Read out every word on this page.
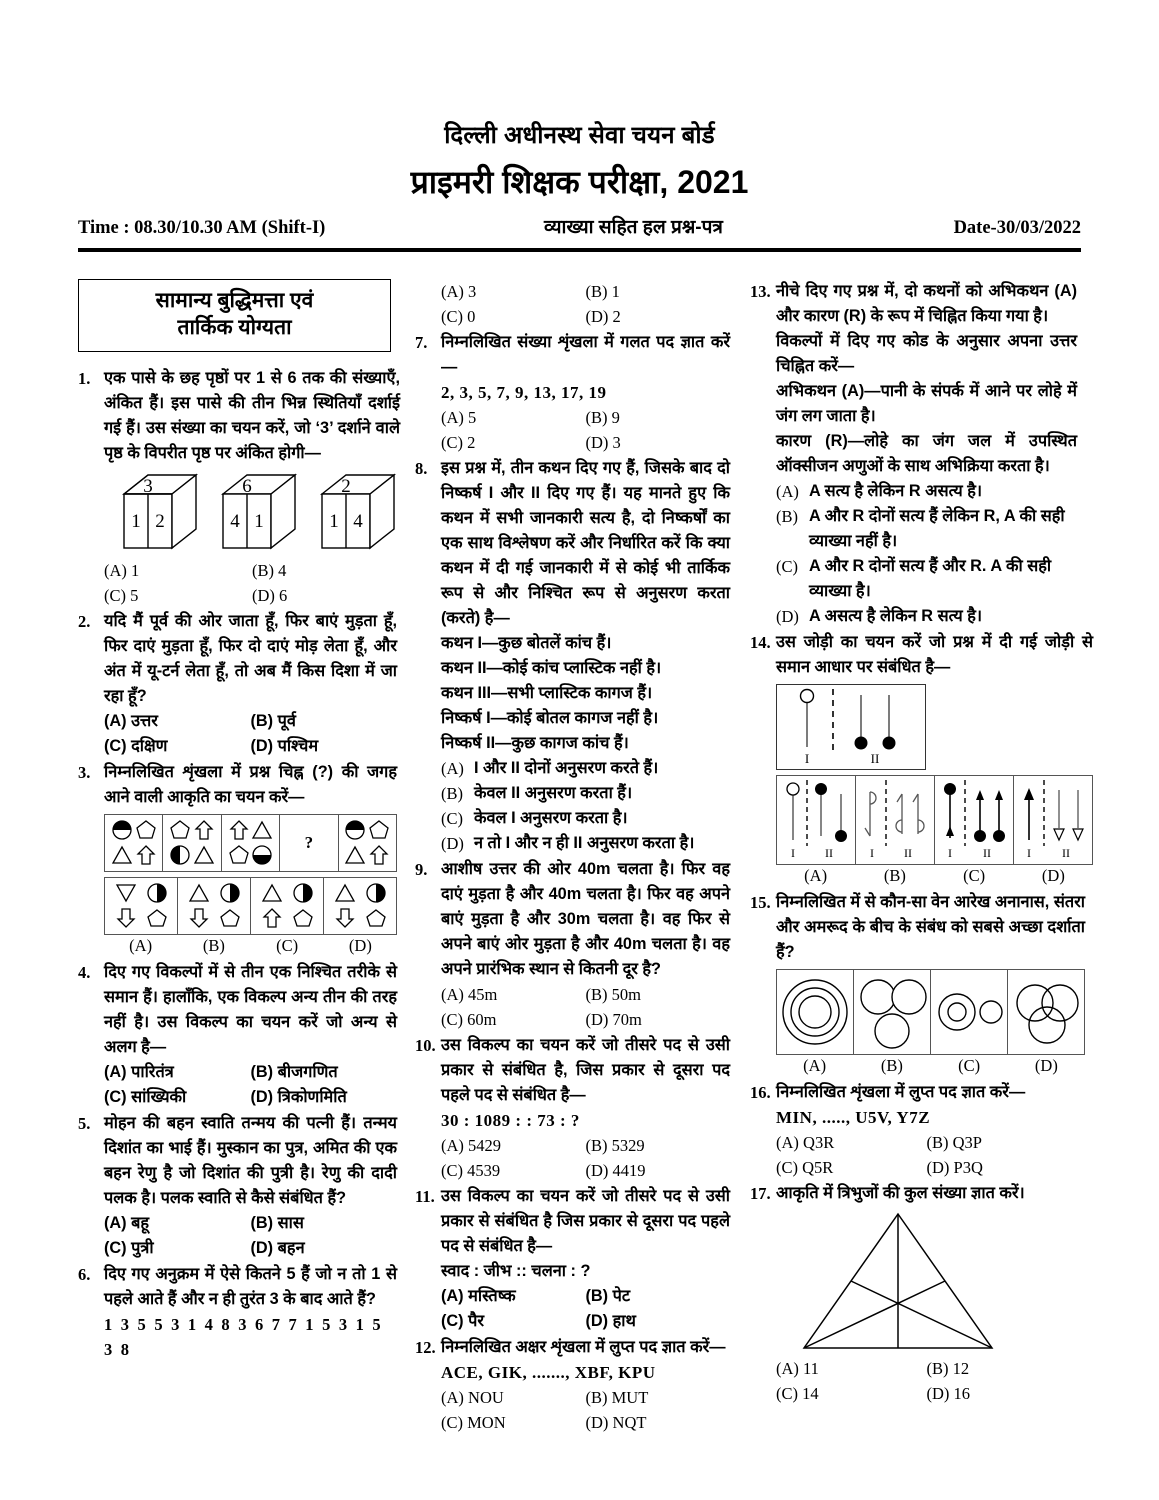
दिल्ली अधीनस्थ सेवा चयन बोर्ड
प्राइमरी शिक्षक परीक्षा, 2021
Time : 08.30/10.30 AM (Shift-I)	व्याख्या सहित हल प्रश्न-पत्र	Date-30/03/2022
सामान्य बुद्धिमत्ता एवं
तार्किक योग्यता
1. एक पासे के छह पृष्ठों पर 1 से 6 तक की संख्याएँ, अंकित हैं। इस पासे की तीन भिन्न स्थितियाँ दर्शाई गई हैं। उस संख्या का चयन करें, जो ‘3’ दर्शाने वाले पृष्ठ के विपरीत पृष्ठ पर अंकित होगी—
3
1 2
6
4 1
2
1 4
(A) 1	(B) 4
(C) 5	(D) 6
2. यदि मैं पूर्व की ओर जाता हूँ, फिर बाएं मुड़ता हूँ, फिर दाएं मुड़ता हूँ, फिर दो दाएं मोड़ लेता हूँ, और अंत में यू-टर्न लेता हूँ, तो अब मैं किस दिशा में जा रहा हूँ?
(A) उत्तर	(B) पूर्व
(C) दक्षिण	(D) पश्चिम
3. निम्नलिखित शृंखला में प्रश्न चिह्न (?) की जगह आने वाली आकृति का चयन करें—
?
(A)	(B)	(C)	(D)
4. दिए गए विकल्पों में से तीन एक निश्चित तरीके से समान हैं। हालाँकि, एक विकल्प अन्य तीन की तरह नहीं है। उस विकल्प का चयन करें जो अन्य से अलग है—
(A) पारितंत्र	(B) बीजगणित
(C) सांख्यिकी	(D) त्रिकोणमिति
5. मोहन की बहन स्वाति तन्मय की पत्नी हैं। तन्मय दिशांत का भाई हैं। मुस्कान का पुत्र, अमित की एक बहन रेणु है जो दिशांत की पुत्री है। रेणु की दादी पलक है। पलक स्वाति से कैसे संबंधित हैं?
(A) बहू	(B) सास
(C) पुत्री	(D) बहन
6. दिए गए अनुक्रम में ऐसे कितने 5 हैं जो न तो 1 से पहले आते हैं और न ही तुरंत 3 के बाद आते हैं?
1 3 5 5 3 1 4 8 3 6 7 7 1 5 3 1 5 3 8
(A) 3	(B) 1
(C) 0	(D) 2
7. निम्नलिखित संख्या शृंखला में गलत पद ज्ञात करें—
2, 3, 5, 7, 9, 13, 17, 19
(A) 5	(B) 9
(C) 2	(D) 3
8. इस प्रश्न में, तीन कथन दिए गए हैं, जिसके बाद दो निष्कर्ष I और II दिए गए हैं। यह मानते हुए कि कथन में सभी जानकारी सत्य है, दो निष्कर्षों का एक साथ विश्लेषण करें और निर्धारित करें कि क्या कथन में दी गई जानकारी में से कोई भी तार्किक रूप से और निश्चित रूप से अनुसरण करता (करते) है—
कथन I—कुछ बोतलें कांच हैं।
कथन II—कोई कांच प्लास्टिक नहीं है।
कथन III—सभी प्लास्टिक कागज हैं।
निष्कर्ष I—कोई बोतल कागज नहीं है।
निष्कर्ष II—कुछ कागज कांच हैं।
(A) I और II दोनों अनुसरण करते हैं।
(B) केवल II अनुसरण करता हैं।
(C) केवल I अनुसरण करता है।
(D) न तो I और न ही II अनुसरण करता है।
9. आशीष उत्तर की ओर 40m चलता है। फिर वह दाएं मुड़ता है और 40m चलता है। फिर वह अपने बाएं मुड़ता है और 30m चलता है। वह फिर से अपने बाएं ओर मुड़ता है और 40m चलता है। वह अपने प्रारंभिक स्थान से कितनी दूर है?
(A) 45m	(B) 50m
(C) 60m	(D) 70m
10. उस विकल्प का चयन करें जो तीसरे पद से उसी प्रकार से संबंधित है, जिस प्रकार से दूसरा पद पहले पद से संबंधित है—
30 : 1089 : : 73 : ?
(A) 5429	(B) 5329
(C) 4539	(D) 4419
11. उस विकल्प का चयन करें जो तीसरे पद से उसी प्रकार से संबंधित है जिस प्रकार से दूसरा पद पहले पद से संबंधित है—
स्वाद : जीभ :: चलना : ?
(A) मस्तिष्क	(B) पेट
(C) पैर	(D) हाथ
12. निम्नलिखित अक्षर शृंखला में लुप्त पद ज्ञात करें—
ACE, GIK, ......., XBF, KPU
(A) NOU	(B) MUT
(C) MON	(D) NQT
13. नीचे दिए गए प्रश्न में, दो कथनों को अभिकथन (A) और कारण (R) के रूप में चिह्नित किया गया है।
विकल्पों में दिए गए कोड के अनुसार अपना उत्तर चिह्नित करें—
अभिकथन (A)—पानी के संपर्क में आने पर लोहे में जंग लग जाता है।
कारण (R)—लोहे का जंग जल में उपस्थित ऑक्सीजन अणुओं के साथ अभिक्रिया करता है।
(A) A सत्य है लेकिन R असत्य है।
(B) A और R दोनों सत्य हैं लेकिन R, A की सही व्याख्या नहीं है।
(C) A और R दोनों सत्य हैं और R. A की सही व्याख्या है।
(D) A असत्य है लेकिन R सत्य है।
14. उस जोड़ी का चयन करें जो प्रश्न में दी गई जोड़ी से समान आधार पर संबंधित है—
I	II
I	II	I	II	I	II	I	II
(A)	(B)	(C)	(D)
15. निम्नलिखित में से कौन-सा वेन आरेख अनानास, संतरा और अमरूद के बीच के संबंध को सबसे अच्छा दर्शाता हैं?
(A)	(B)	(C)	(D)
16. निम्नलिखित शृंखला में लुप्त पद ज्ञात करें—
MIN, ....., U5V, Y7Z
(A) Q3R	(B) Q3P
(C) Q5R	(D) P3Q
17. आकृति में त्रिभुजों की कुल संख्या ज्ञात करें।
(A) 11	(B) 12
(C) 14	(D) 16
